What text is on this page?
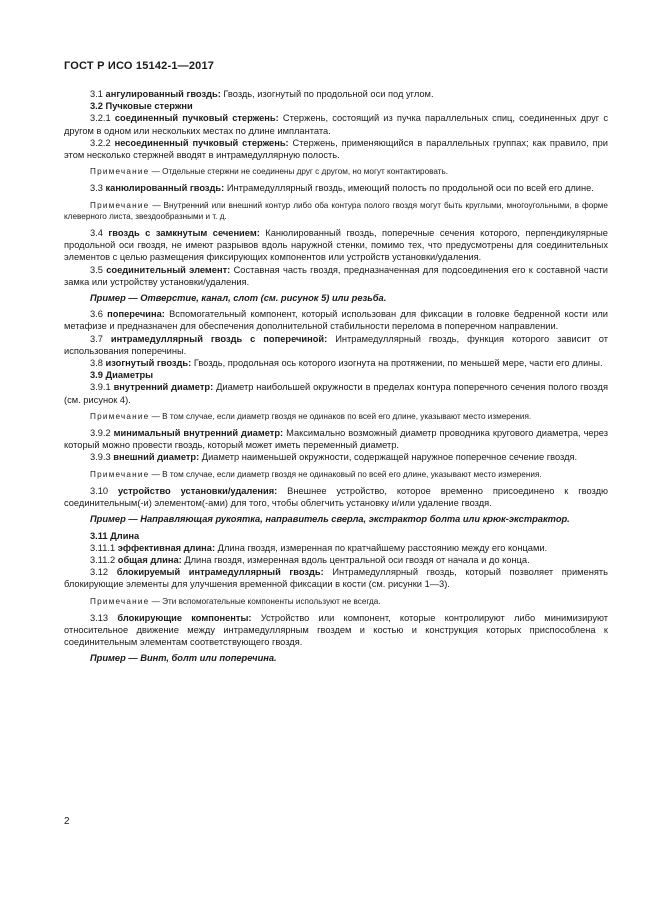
ГОСТ Р ИСО 15142-1—2017

3.1 ангулированный гвоздь: Гвоздь, изогнутый по продольной оси под углом.

3.2 Пучковые стержни

3.2.1 соединенный пучковый стержень: Стержень, состоящий из пучка параллельных спиц, соединенных друг с другом в одном или нескольких местах по длине имплантата.

3.2.2 несоединенный пучковый стержень: Стержень, применяющийся в параллельных группах; как правило, при этом несколько стержней вводят в интрамедуллярную полость.

Примечание — Отдельные стержни не соединены друг с другом, но могут контактировать.

3.3 канюлированный гвоздь: Интрамедуллярный гвоздь, имеющий полость по продольной оси по всей его длине.

Примечание — Внутренний или внешний контур либо оба контура полого гвоздя могут быть круглыми, многоугольными, в форме клеверного листа, звездообразными и т. д.

3.4 гвоздь с замкнутым сечением: Канюлированный гвоздь, поперечные сечения которого, перпендикулярные продольной оси гвоздя, не имеют разрывов вдоль наружной стенки, помимо тех, что предусмотрены для соединительных элементов с целью размещения фиксирующих компонентов или устройств установки/удаления.

3.5 соединительный элемент: Составная часть гвоздя, предназначенная для подсоединения его к составной части замка или устройству установки/удаления.

Пример — Отверстие, канал, слот (см. рисунок 5) или резьба.

3.6 поперечина: Вспомогательный компонент, который использован для фиксации в головке бедренной кости или метафизе и предназначен для обеспечения дополнительной стабильности перелома в поперечном направлении.

3.7 интрамедуллярный гвоздь с поперечиной: Интрамедуллярный гвоздь, функция которого зависит от использования поперечины.

3.8 изогнутый гвоздь: Гвоздь, продольная ось которого изогнута на протяжении, по меньшей мере, части его длины.

3.9 Диаметры

3.9.1 внутренний диаметр: Диаметр наибольшей окружности в пределах контура поперечного сечения полого гвоздя (см. рисунок 4).

Примечание — В том случае, если диаметр гвоздя не одинаков по всей его длине, указывают место измерения.

3.9.2 минимальный внутренний диаметр: Максимально возможный диаметр проводника кругового диаметра, через который можно провести гвоздь, который может иметь переменный диаметр.

3.9.3 внешний диаметр: Диаметр наименьшей окружности, содержащей наружное поперечное сечение гвоздя.

Примечание — В том случае, если диаметр гвоздя не одинаковый по всей его длине, указывают место измерения.

3.10 устройство установки/удаления: Внешнее устройство, которое временно присоединено к гвоздю соединительным(-и) элементом(-ами) для того, чтобы облегчить установку и/или удаление гвоздя.

Пример — Направляющая рукоятка, направитель сверла, экстрактор болта или крюк-экстрактор.

3.11 Длина

3.11.1 эффективная длина: Длина гвоздя, измеренная по кратчайшему расстоянию между его концами.

3.11.2 общая длина: Длина гвоздя, измеренная вдоль центральной оси гвоздя от начала и до конца.

3.12 блокируемый интрамедуллярный гвоздь: Интрамедуллярный гвоздь, который позволяет применять блокирующие элементы для улучшения временной фиксации в кости (см. рисунки 1—3).

Примечание — Эти вспомогательные компоненты используют не всегда.

3.13 блокирующие компоненты: Устройство или компонент, которые контролируют либо минимизируют относительное движение между интрамедуллярным гвоздем и костью и конструкция которых приспособлена к соединительным элементам соответствующего гвоздя.

Пример — Винт, болт или поперечина.

2
